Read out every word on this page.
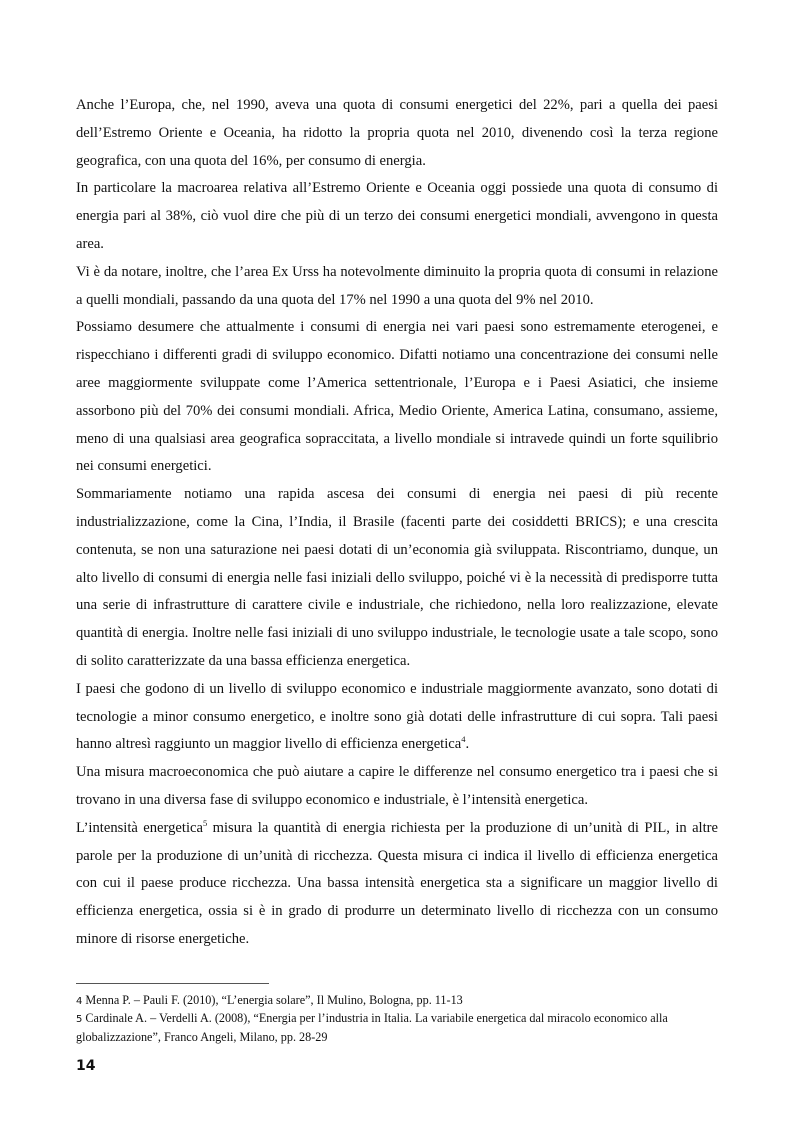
Anche l’Europa, che, nel 1990, aveva una quota di consumi energetici del 22%, pari a quella dei paesi dell’Estremo Oriente e Oceania, ha ridotto la propria quota nel 2010, divenendo così la terza regione geografica, con una quota del 16%, per consumo di energia.

In particolare la macroarea relativa all’Estremo Oriente e Oceania oggi possiede una quota di consumo di energia pari al 38%, ciò vuol dire che più di un terzo dei consumi energetici mondiali, avvengono in questa area.

Vi è da notare, inoltre, che l’area Ex Urss ha notevolmente diminuito la propria quota di consumi in relazione a quelli mondiali, passando da una quota del 17% nel 1990 a una quota del 9% nel 2010.

Possiamo desumere che attualmente i consumi di energia nei vari paesi sono estremamente eterogenei, e rispecchiano i differenti gradi di sviluppo economico. Difatti notiamo una concentrazione dei consumi nelle aree maggiormente sviluppate come l’America settentrionale, l’Europa e i Paesi Asiatici, che insieme assorbono più del 70% dei consumi mondiali. Africa, Medio Oriente, America Latina, consumano, assieme, meno di una qualsiasi area geografica sopraccitata, a livello mondiale si intravede quindi un forte squilibrio nei consumi energetici.

Sommariamente notiamo una rapida ascesa dei consumi di energia nei paesi di più recente industrializzazione, come la Cina, l’India, il Brasile (facenti parte dei cosiddetti BRICS); e una crescita contenuta, se non una saturazione nei paesi dotati di un’economia già sviluppata. Riscontriamo, dunque, un alto livello di consumi di energia nelle fasi iniziali dello sviluppo, poiché vi è la necessità di predisporre tutta una serie di infrastrutture di carattere civile e industriale, che richiedono, nella loro realizzazione, elevate quantità di energia. Inoltre nelle fasi iniziali di uno sviluppo industriale, le tecnologie usate a tale scopo, sono di solito caratterizzate da una bassa efficienza energetica.

I paesi che godono di un livello di sviluppo economico e industriale maggiormente avanzato, sono dotati di tecnologie a minor consumo energetico, e inoltre sono già dotati delle infrastrutture di cui sopra. Tali paesi hanno altresì raggiunto un maggior livello di efficienza energetica$^4$.

Una misura macroeconomica che può aiutare a capire le differenze nel consumo energetico tra i paesi che si trovano in una diversa fase di sviluppo economico e industriale, è l’intensità energetica.

L’intensità energetica$^5$ misura la quantità di energia richiesta per la produzione di un’unità di PIL, in altre parole per la produzione di un’unità di ricchezza. Questa misura ci indica il livello di efficienza energetica con cui il paese produce ricchezza. Una bassa intensità energetica sta a significare un maggior livello di efficienza energetica, ossia si è in grado di produrre un determinato livello di ricchezza con un consumo minore di risorse energetiche.

4 Menna P. – Pauli F. (2010), “L’energia solare”, Il Mulino, Bologna, pp. 11-13

5 Cardinale A. – Verdelli A. (2008), “Energia per l’industria in Italia. La variabile energetica dal miracolo economico alla globalizzazione”, Franco Angeli, Milano, pp. 28-29

14
